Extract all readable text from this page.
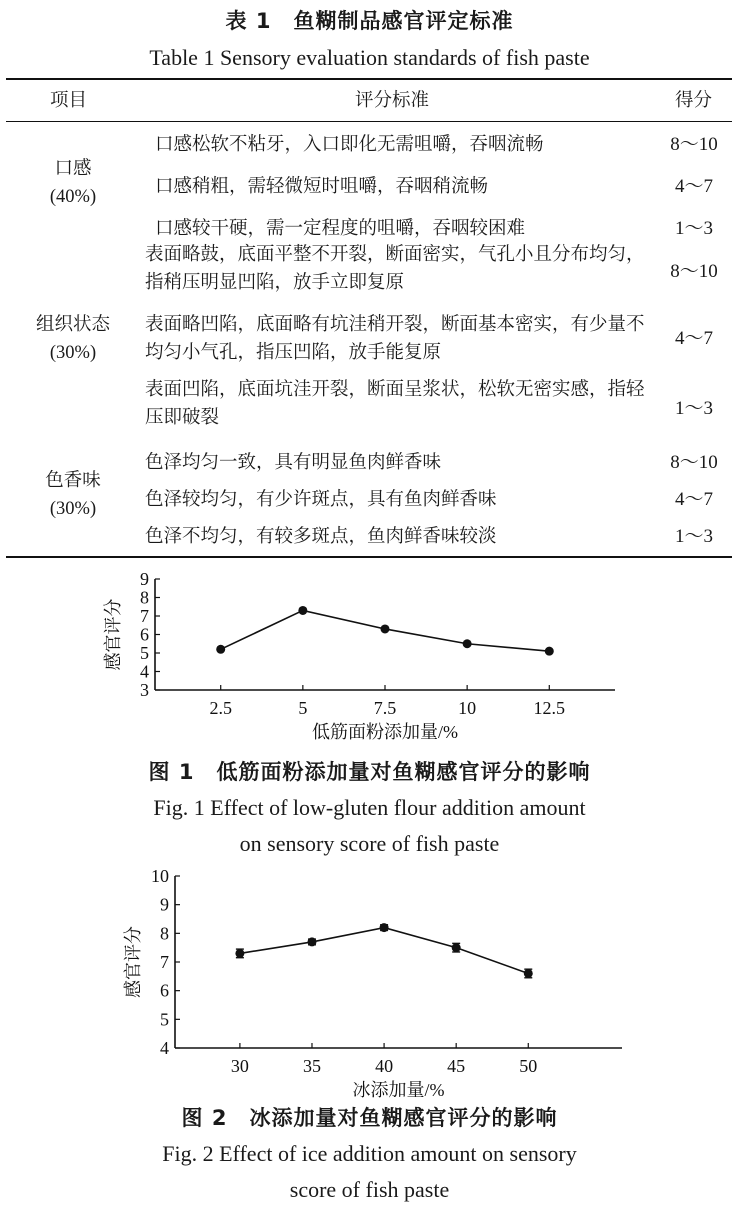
表 1　鱼糊制品感官评定标准
Table 1 Sensory evaluation standards of fish paste
项目	评分标准	得分
口感
(40%)
口感松软不粘牙，入口即化无需咀嚼，吞咽流畅	8～10
口感稍粗，需轻微短时咀嚼，吞咽稍流畅	4～7
口感较干硬，需一定程度的咀嚼，吞咽较困难	1～3
组织状态
(30%)
表面略鼓，底面平整不开裂，断面密实，气孔小且分布均匀，指稍压明显凹陷，放手立即复原
8～10
表面略凹陷，底面略有坑洼稍开裂，断面基本密实，有少量不均匀小气孔，指压凹陷，放手能复原
4～7
表面凹陷，底面坑洼开裂，断面呈浆状，松软无密实感，指轻压即破裂	1～3
色香味
(30%)
色泽均匀一致，具有明显鱼肉鲜香味	8～10
色泽较均匀，有少许斑点，具有鱼肉鲜香味	4～7
色泽不均匀，有较多斑点，鱼肉鲜香味较淡	1～3
3
4
5
6
7
8
9
2.5	5	7.5	10	12.5
低筋面粉添加量/%
感官评分
图 1　低筋面粉添加量对鱼糊感官评分的影响
Fig. 1 Effect of low-gluten flour addition amount
on sensory score of fish paste
4
5
6
7
8
9
10
30	35	40	45	50
冰添加量/%
感官评分
图 2　冰添加量对鱼糊感官评分的影响
Fig. 2 Effect of ice addition amount on sensory
score of fish paste
